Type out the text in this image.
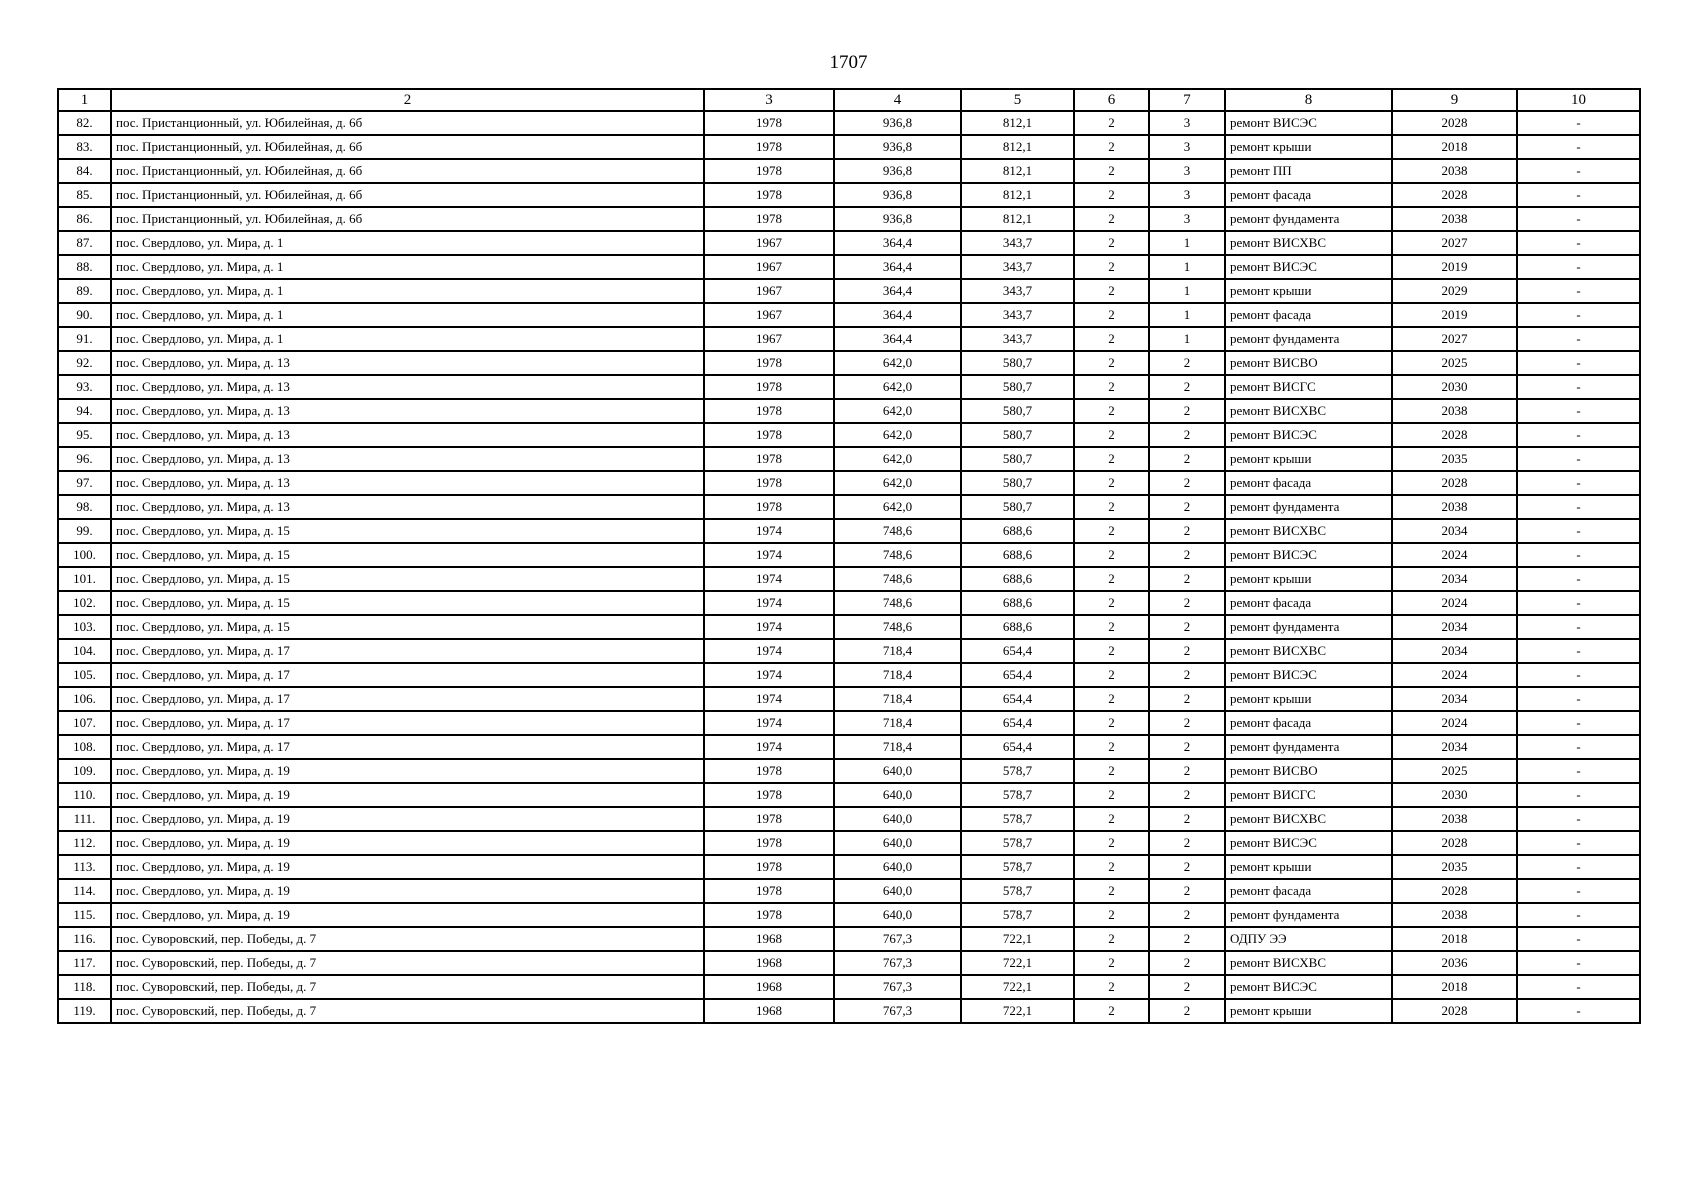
1707
1	2	3	4	5	6	7	8	9	10
82.	пос. Пристанционный, ул. Юбилейная, д. 6б	1978	936,8	812,1	2	3	ремонт ВИСЭС	2028	-
83.	пос. Пристанционный, ул. Юбилейная, д. 6б	1978	936,8	812,1	2	3	ремонт крыши	2018	-
84.	пос. Пристанционный, ул. Юбилейная, д. 6б	1978	936,8	812,1	2	3	ремонт ПП	2038	-
85.	пос. Пристанционный, ул. Юбилейная, д. 6б	1978	936,8	812,1	2	3	ремонт фасада	2028	-
86.	пос. Пристанционный, ул. Юбилейная, д. 6б	1978	936,8	812,1	2	3	ремонт фундамента	2038	-
87.	пос. Свердлово, ул. Мира, д. 1	1967	364,4	343,7	2	1	ремонт ВИСХВС	2027	-
88.	пос. Свердлово, ул. Мира, д. 1	1967	364,4	343,7	2	1	ремонт ВИСЭС	2019	-
89.	пос. Свердлово, ул. Мира, д. 1	1967	364,4	343,7	2	1	ремонт крыши	2029	-
90.	пос. Свердлово, ул. Мира, д. 1	1967	364,4	343,7	2	1	ремонт фасада	2019	-
91.	пос. Свердлово, ул. Мира, д. 1	1967	364,4	343,7	2	1	ремонт фундамента	2027	-
92.	пос. Свердлово, ул. Мира, д. 13	1978	642,0	580,7	2	2	ремонт ВИСВО	2025	-
93.	пос. Свердлово, ул. Мира, д. 13	1978	642,0	580,7	2	2	ремонт ВИСГС	2030	-
94.	пос. Свердлово, ул. Мира, д. 13	1978	642,0	580,7	2	2	ремонт ВИСХВС	2038	-
95.	пос. Свердлово, ул. Мира, д. 13	1978	642,0	580,7	2	2	ремонт ВИСЭС	2028	-
96.	пос. Свердлово, ул. Мира, д. 13	1978	642,0	580,7	2	2	ремонт крыши	2035	-
97.	пос. Свердлово, ул. Мира, д. 13	1978	642,0	580,7	2	2	ремонт фасада	2028	-
98.	пос. Свердлово, ул. Мира, д. 13	1978	642,0	580,7	2	2	ремонт фундамента	2038	-
99.	пос. Свердлово, ул. Мира, д. 15	1974	748,6	688,6	2	2	ремонт ВИСХВС	2034	-
100.	пос. Свердлово, ул. Мира, д. 15	1974	748,6	688,6	2	2	ремонт ВИСЭС	2024	-
101.	пос. Свердлово, ул. Мира, д. 15	1974	748,6	688,6	2	2	ремонт крыши	2034	-
102.	пос. Свердлово, ул. Мира, д. 15	1974	748,6	688,6	2	2	ремонт фасада	2024	-
103.	пос. Свердлово, ул. Мира, д. 15	1974	748,6	688,6	2	2	ремонт фундамента	2034	-
104.	пос. Свердлово, ул. Мира, д. 17	1974	718,4	654,4	2	2	ремонт ВИСХВС	2034	-
105.	пос. Свердлово, ул. Мира, д. 17	1974	718,4	654,4	2	2	ремонт ВИСЭС	2024	-
106.	пос. Свердлово, ул. Мира, д. 17	1974	718,4	654,4	2	2	ремонт крыши	2034	-
107.	пос. Свердлово, ул. Мира, д. 17	1974	718,4	654,4	2	2	ремонт фасада	2024	-
108.	пос. Свердлово, ул. Мира, д. 17	1974	718,4	654,4	2	2	ремонт фундамента	2034	-
109.	пос. Свердлово, ул. Мира, д. 19	1978	640,0	578,7	2	2	ремонт ВИСВО	2025	-
110.	пос. Свердлово, ул. Мира, д. 19	1978	640,0	578,7	2	2	ремонт ВИСГС	2030	-
111.	пос. Свердлово, ул. Мира, д. 19	1978	640,0	578,7	2	2	ремонт ВИСХВС	2038	-
112.	пос. Свердлово, ул. Мира, д. 19	1978	640,0	578,7	2	2	ремонт ВИСЭС	2028	-
113.	пос. Свердлово, ул. Мира, д. 19	1978	640,0	578,7	2	2	ремонт крыши	2035	-
114.	пос. Свердлово, ул. Мира, д. 19	1978	640,0	578,7	2	2	ремонт фасада	2028	-
115.	пос. Свердлово, ул. Мира, д. 19	1978	640,0	578,7	2	2	ремонт фундамента	2038	-
116.	пос. Суворовский, пер. Победы, д. 7	1968	767,3	722,1	2	2	ОДПУ ЭЭ	2018	-
117.	пос. Суворовский, пер. Победы, д. 7	1968	767,3	722,1	2	2	ремонт ВИСХВС	2036	-
118.	пос. Суворовский, пер. Победы, д. 7	1968	767,3	722,1	2	2	ремонт ВИСЭС	2018	-
119.	пос. Суворовский, пер. Победы, д. 7	1968	767,3	722,1	2	2	ремонт крыши	2028	-
